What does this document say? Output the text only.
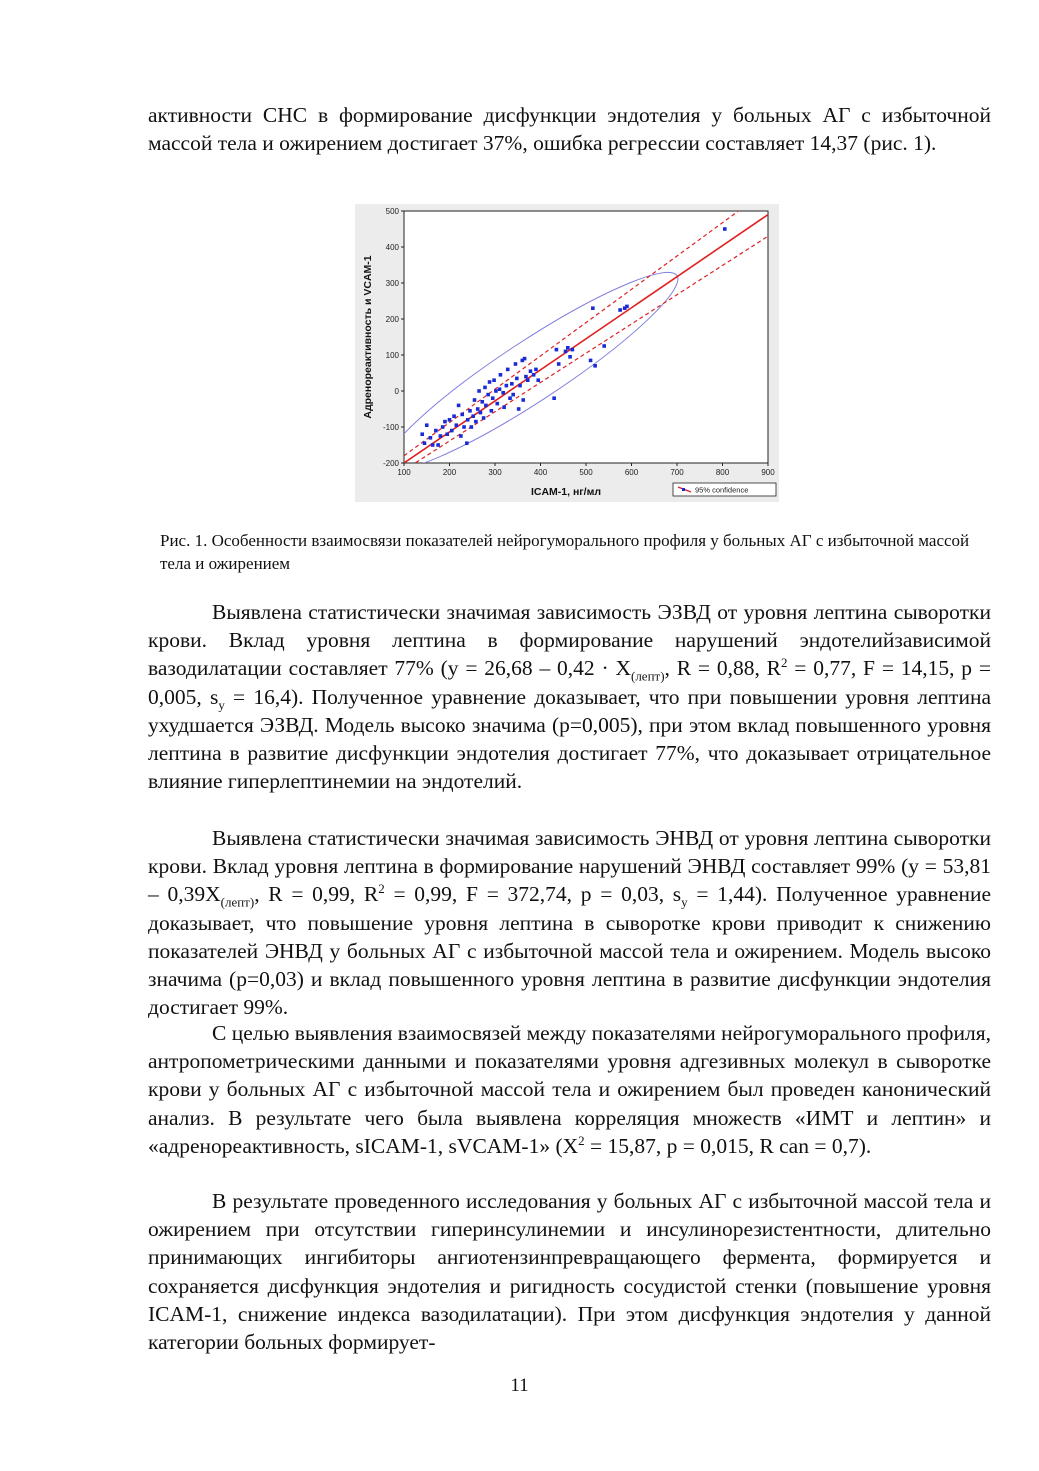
активности СНС в формирование дисфункции эндотелия у больных АГ с избыточной массой тела и ожирением достигает 37%, ошибка регрессии составляет 14,37 (рис. 1).

-200
-100
0
100
200
300
400
500
100	200	300	400	500	600	700	800	900
Адренореактивность и VCAM-1
ICAM-1, нг/мл	95% confidence

Рис. 1. Особенности взаимосвязи показателей нейрогуморального профиля у больных АГ с избыточной массой тела и ожирением

Выявлена статистически значимая зависимость ЭЗВД от уровня лептина сыворотки крови. Вклад уровня лептина в формирование нарушений эндотелийзависимой вазодилатации составляет 77% ($y = 26,68 - 0,42 \cdot X_{(лепт)}$, R = 0,88, $R^2 = 0,77$, F = 14,15, p = 0,005, $s_y = 16,4$). Полученное уравнение доказывает, что при повышении уровня лептина ухудшается ЭЗВД. Модель высоко значима (р=0,005), при этом вклад повышенного уровня лептина в развитие дисфункции эндотелия достигает 77%, что доказывает отрицательное влияние гиперлептинемии на эндотелий.

Выявлена статистически значимая зависимость ЭНВД от уровня лептина сыворотки крови. Вклад уровня лептина в формирование нарушений ЭНВД составляет 99% ($y = 53,81 - 0,39X_{(лепт)}$, R = 0,99, $R^2 = 0,99$, F = 372,74, p = 0,03, $s_y = 1,44$). Полученное уравнение доказывает, что повышение уровня лептина в сыворотке крови приводит к снижению показателей ЭНВД у больных АГ с избыточной массой тела и ожирением. Модель высоко значима (р=0,03) и вклад повышенного уровня лептина в развитие дисфункции эндотелия достигает 99%.

С целью выявления взаимосвязей между показателями нейрогуморального профиля, антропометрическими данными и показателями уровня адгезивных молекул в сыворотке крови у больных АГ с избыточной массой тела и ожирением был проведен канонический анализ. В результате чего была выявлена корреляция множеств «ИМТ и лептин» и «адренореактивность, sICAM-1, sVCAM-1» ($X^2 = 15,87$, р = 0,015, R can = 0,7).

В результате проведенного исследования у больных АГ с избыточной массой тела и ожирением при отсутствии гиперинсулинемии и инсулинорезистентности, длительно принимающих ингибиторы ангиотензинпревращающего фермента, формируется и сохраняется дисфункция эндотелия и ригидность сосудистой стенки (повышение уровня ICAM-1, снижение индекса вазодилатации). При этом дисфункция эндотелия у данной категории больных формирует-

11
